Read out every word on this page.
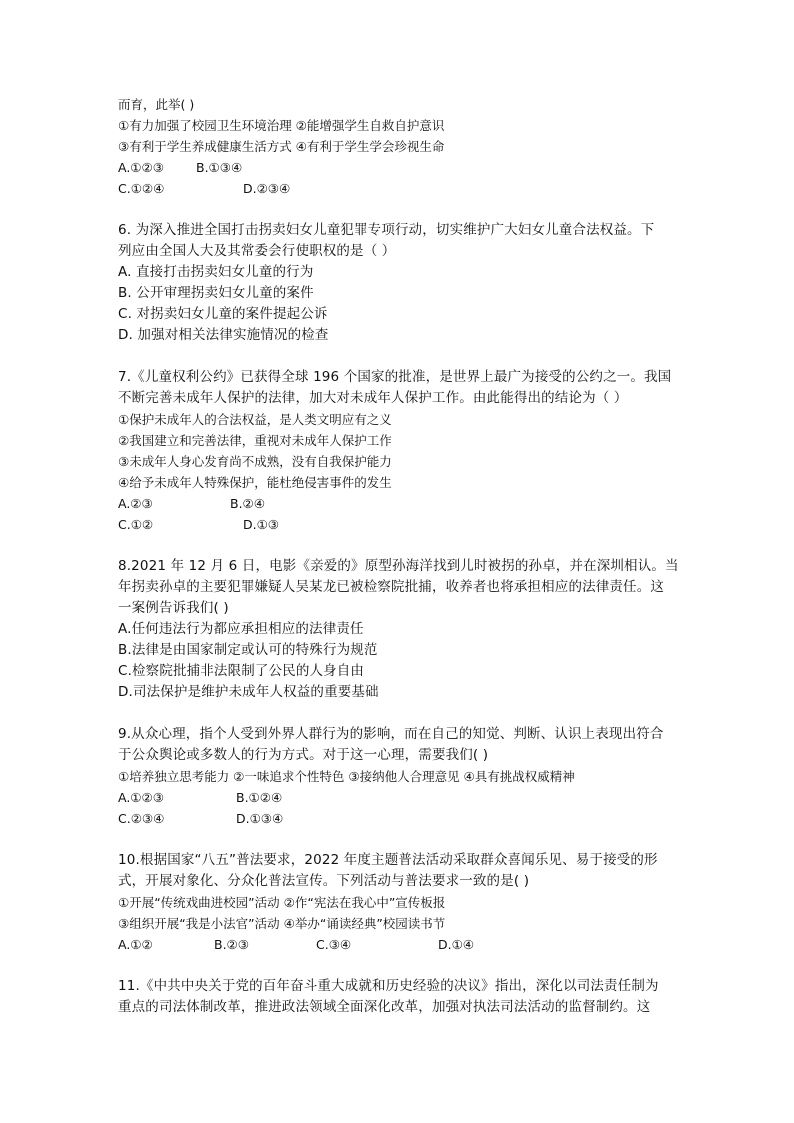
而育，此举( )
①有力加强了校园卫生环境治理 ②能增强学生自救自护意识
③有利于学生养成健康生活方式 ④有利于学生学会珍视生命
A.①②③	B.①③④
C.①②④	D.②③④
6. 为深入推进全国打击拐卖妇女儿童犯罪专项行动，切实维护广大妇女儿童合法权益。下
列应由全国人大及其常委会行使职权的是（ ）
A. 直接打击拐卖妇女儿童的行为
B. 公开审理拐卖妇女儿童的案件
C. 对拐卖妇女儿童的案件提起公诉
D. 加强对相关法律实施情况的检查
7.《儿童权利公约》已获得全球 196 个国家的批准，是世界上最广为接受的公约之一。我国
不断完善未成年人保护的法律，加大对未成年人保护工作。由此能得出的结论为（ ）
①保护未成年人的合法权益，是人类文明应有之义
②我国建立和完善法律，重视对未成年人保护工作
③未成年人身心发育尚不成熟，没有自我保护能力
④给予未成年人特殊保护，能杜绝侵害事件的发生
A.②③	B.②④
C.①②	D.①③
8.2021 年 12 月 6 日，电影《亲爱的》原型孙海洋找到儿时被拐的孙卓，并在深圳相认。当
年拐卖孙卓的主要犯罪嫌疑人吴某龙已被检察院批捕，收养者也将承担相应的法律责任。这
一案例告诉我们( )
A.任何违法行为都应承担相应的法律责任
B.法律是由国家制定或认可的特殊行为规范
C.检察院批捕非法限制了公民的人身自由
D.司法保护是维护未成年人权益的重要基础
9.从众心理，指个人受到外界人群行为的影响，而在自己的知觉、判断、认识上表现出符合
于公众舆论或多数人的行为方式。对于这一心理，需要我们( )
①培养独立思考能力 ②一味追求个性特色 ③接纳他人合理意见 ④具有挑战权威精神
A.①②③	B.①②④
C.②③④	D.①③④
10.根据国家“八五”普法要求，2022 年度主题普法活动采取群众喜闻乐见、易于接受的形
式，开展对象化、分众化普法宣传。下列活动与普法要求一致的是( )
①开展“传统戏曲进校园”活动 ②作“宪法在我心中”宣传板报
③组织开展“我是小法官”活动 ④举办“诵读经典”校园读书节
A.①②	B.②③	C.③④	D.①④
11.《中共中央关于党的百年奋斗重大成就和历史经验的决议》指出，深化以司法责任制为
重点的司法体制改革，推进政法领域全面深化改革，加强对执法司法活动的监督制约。这
